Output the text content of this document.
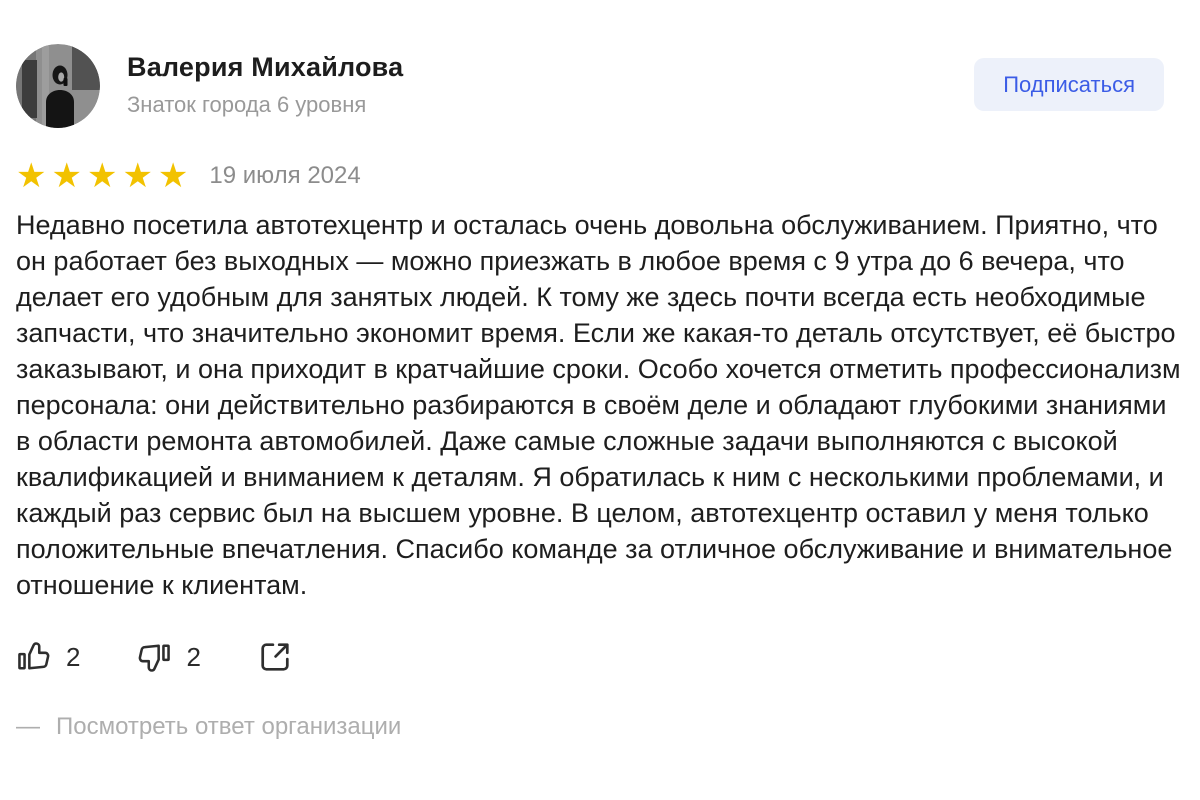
Валерия Михайлова
Знаток города 6 уровня
Подписаться
★★★★★ 19 июля 2024
Недавно посетила автотехцентр и осталась очень довольна обслуживанием. Приятно, что он работает без выходных — можно приезжать в любое время с 9 утра до 6 вечера, что делает его удобным для занятых людей. К тому же здесь почти всегда есть необходимые запчасти, что значительно экономит время. Если же какая-то деталь отсутствует, её быстро заказывают, и она приходит в кратчайшие сроки. Особо хочется отметить профессионализм персонала: они действительно разбираются в своём деле и обладают глубокими знаниями в области ремонта автомобилей. Даже самые сложные задачи выполняются с высокой квалификацией и вниманием к деталям. Я обратилась к ним с несколькими проблемами, и каждый раз сервис был на высшем уровне. В целом, автотехцентр оставил у меня только положительные впечатления. Спасибо команде за отличное обслуживание и внимательное отношение к клиентам.
2	2
— Посмотреть ответ организации
